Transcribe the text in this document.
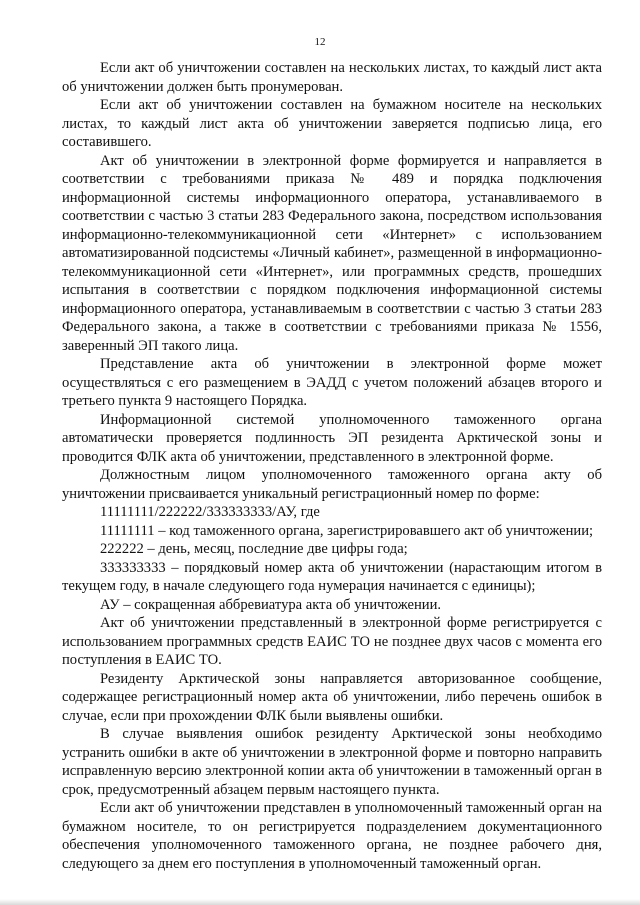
12

Если акт об уничтожении составлен на нескольких листах, то каждый лист акта об уничтожении должен быть пронумерован.

Если акт об уничтожении составлен на бумажном носителе на нескольких листах, то каждый лист акта об уничтожении заверяется подписью лица, его составившего.

Акт об уничтожении в электронной форме формируется и направляется в соответствии с требованиями приказа № 489 и порядка подключения информационной системы информационного оператора, устанавливаемого в соответствии с частью 3 статьи 283 Федерального закона, посредством использования информационно-телекоммуникационной сети «Интернет» с использованием автоматизированной подсистемы «Личный кабинет», размещенной в информационно-телекоммуникационной сети «Интернет», или программных средств, прошедших испытания в соответствии с порядком подключения информационной системы информационного оператора, устанавливаемым в соответствии с частью 3 статьи 283 Федерального закона, а также в соответствии с требованиями приказа № 1556, заверенный ЭП такого лица.

Представление акта об уничтожении в электронной форме может осуществляться с его размещением в ЭАДД с учетом положений абзацев второго и третьего пункта 9 настоящего Порядка.

Информационной системой уполномоченного таможенного органа автоматически проверяется подлинность ЭП резидента Арктической зоны и проводится ФЛК акта об уничтожении, представленного в электронной форме.

Должностным лицом уполномоченного таможенного органа акту об уничтожении присваивается уникальный регистрационный номер по форме:

11111111/222222/333333333/АУ, где

11111111 – код таможенного органа, зарегистрировавшего акт об уничтожении;

222222 – день, месяц, последние две цифры года;

333333333 – порядковый номер акта об уничтожении (нарастающим итогом в текущем году, в начале следующего года нумерация начинается с единицы);

АУ – сокращенная аббревиатура акта об уничтожении.

Акт об уничтожении представленный в электронной форме регистрируется с использованием программных средств ЕАИС ТО не позднее двух часов с момента его поступления в ЕАИС ТО.

Резиденту Арктической зоны направляется авторизованное сообщение, содержащее регистрационный номер акта об уничтожении, либо перечень ошибок в случае, если при прохождении ФЛК были выявлены ошибки.

В случае выявления ошибок резиденту Арктической зоны необходимо устранить ошибки в акте об уничтожении в электронной форме и повторно направить исправленную версию электронной копии акта об уничтожении в таможенный орган в срок, предусмотренный абзацем первым настоящего пункта.

Если акт об уничтожении представлен в уполномоченный таможенный орган на бумажном носителе, то он регистрируется подразделением документационного обеспечения уполномоченного таможенного органа, не позднее рабочего дня, следующего за днем его поступления в уполномоченный таможенный орган.
